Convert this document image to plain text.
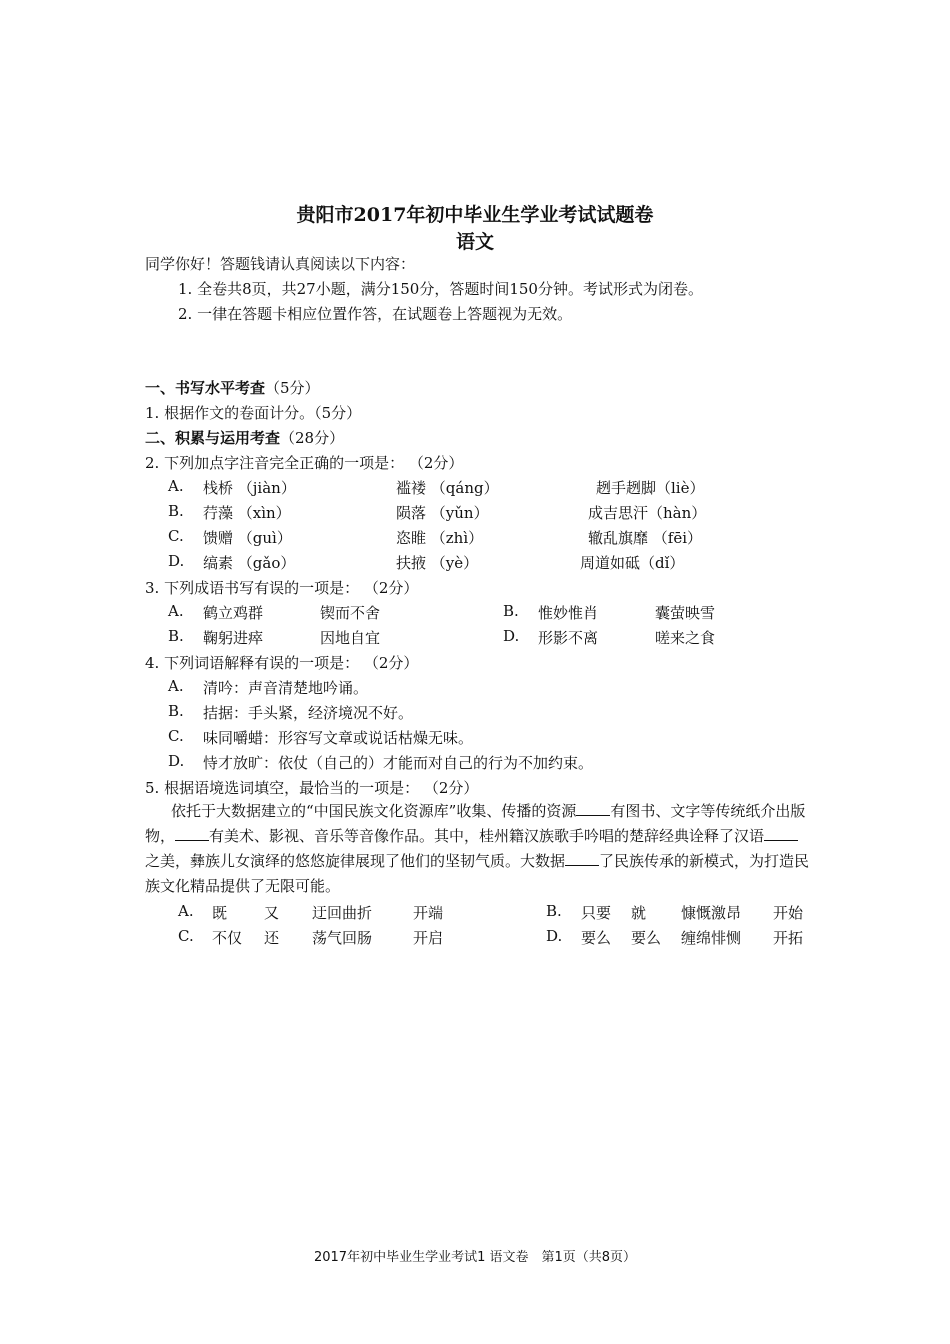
贵阳市2017年初中毕业生学业考试试题卷
语文
同学你好！答题钱请认真阅读以下内容：
1. 全卷共8页，共27小题，满分150分，答题时间150分钟。考试形式为闭卷。
2. 一律在答题卡相应位置作答，在试题卷上答题视为无效。
一、书写水平考查（5分）
1. 根据作文的卷面计分。（5分）
二、积累与运用考查（28分）
2. 下列加点字注音完全正确的一项是： （2分）
A. 栈桥 （jiàn）	褴褛 （qáng）	趔手趔脚（liè）
B. 荇藻 （xìn）	陨落 （yǔn）	成吉思汗（hàn）
C. 馈赠 （guì）	恣睢 （zhì）	辙乱旗靡 （fēi）
D. 缟素 （gǎo）	扶掖 （yè）	周道如砥（dǐ）
3. 下列成语书写有误的一项是： （2分）
A. 鹤立鸡群	锲而不舍	B. 惟妙惟肖	囊萤映雪
B. 鞠躬进瘁	因地自宜	D. 形影不离	嗟来之食
4. 下列词语解释有误的一项是： （2分）
A. 清吟：声音清楚地吟诵。
B. 拮据：手头紧，经济境况不好。
C. 味同嚼蜡：形容写文章或说话枯燥无味。
D. 恃才放旷：依仗（自己的）才能而对自己的行为不加约束。
5. 根据语境选词填空，最恰当的一项是： （2分）
依托于大数据建立的“中国民族文化资源库”收集、传播的资源 有图书、文字等传统纸介出版物， 有美术、影视、音乐等音像作品。其中，桂州籍汉族歌手吟唱的楚辞经典诠释了汉语之美，彝族儿女演绎的悠悠旋律展现了他们的坚韧气质。大数据 了民族传承的新模式，为打造民族文化精品提供了无限可能。
A. 既 又 迂回曲折	开端	B. 只要 就 慷慨激昂 开始
C. 不仅 还 荡气回肠	开启	D. 要么 要么 缠绵悱恻 开拓
2017年初中毕业生学业考试1 语文卷　第1页（共8页）
